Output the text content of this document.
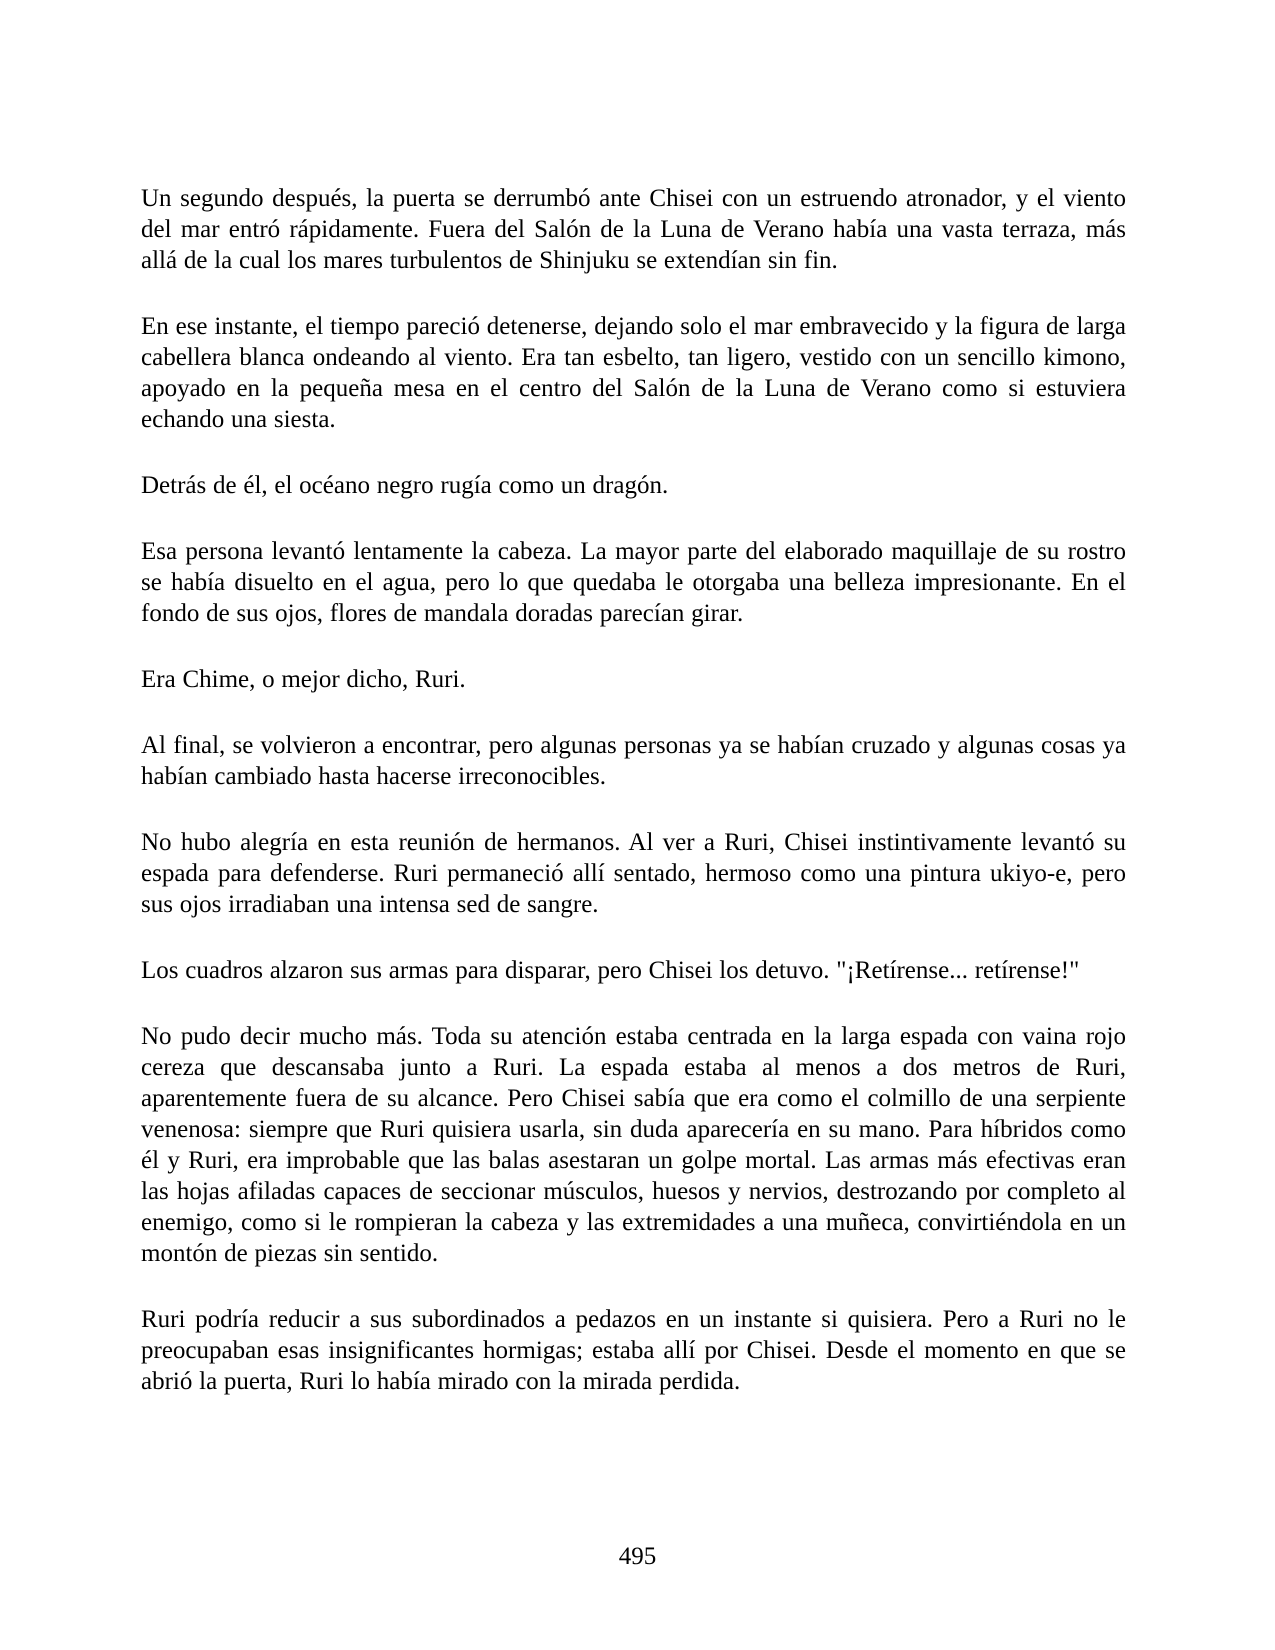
Un segundo después, la puerta se derrumbó ante Chisei con un estruendo atronador, y el viento del mar entró rápidamente. Fuera del Salón de la Luna de Verano había una vasta terraza, más allá de la cual los mares turbulentos de Shinjuku se extendían sin fin.

En ese instante, el tiempo pareció detenerse, dejando solo el mar embravecido y la figura de larga cabellera blanca ondeando al viento. Era tan esbelto, tan ligero, vestido con un sencillo kimono, apoyado en la pequeña mesa en el centro del Salón de la Luna de Verano como si estuviera echando una siesta.

Detrás de él, el océano negro rugía como un dragón.

Esa persona levantó lentamente la cabeza. La mayor parte del elaborado maquillaje de su rostro se había disuelto en el agua, pero lo que quedaba le otorgaba una belleza impresionante. En el fondo de sus ojos, flores de mandala doradas parecían girar.

Era Chime, o mejor dicho, Ruri.

Al final, se volvieron a encontrar, pero algunas personas ya se habían cruzado y algunas cosas ya habían cambiado hasta hacerse irreconocibles.

No hubo alegría en esta reunión de hermanos. Al ver a Ruri, Chisei instintivamente levantó su espada para defenderse. Ruri permaneció allí sentado, hermoso como una pintura ukiyo-e, pero sus ojos irradiaban una intensa sed de sangre.

Los cuadros alzaron sus armas para disparar, pero Chisei los detuvo. "¡Retírense... retírense!"

No pudo decir mucho más. Toda su atención estaba centrada en la larga espada con vaina rojo cereza que descansaba junto a Ruri. La espada estaba al menos a dos metros de Ruri, aparentemente fuera de su alcance. Pero Chisei sabía que era como el colmillo de una serpiente venenosa: siempre que Ruri quisiera usarla, sin duda aparecería en su mano. Para híbridos como él y Ruri, era improbable que las balas asestaran un golpe mortal. Las armas más efectivas eran las hojas afiladas capaces de seccionar músculos, huesos y nervios, destrozando por completo al enemigo, como si le rompieran la cabeza y las extremidades a una muñeca, convirtiéndola en un montón de piezas sin sentido.

Ruri podría reducir a sus subordinados a pedazos en un instante si quisiera. Pero a Ruri no le preocupaban esas insignificantes hormigas; estaba allí por Chisei. Desde el momento en que se abrió la puerta, Ruri lo había mirado con la mirada perdida.

495
